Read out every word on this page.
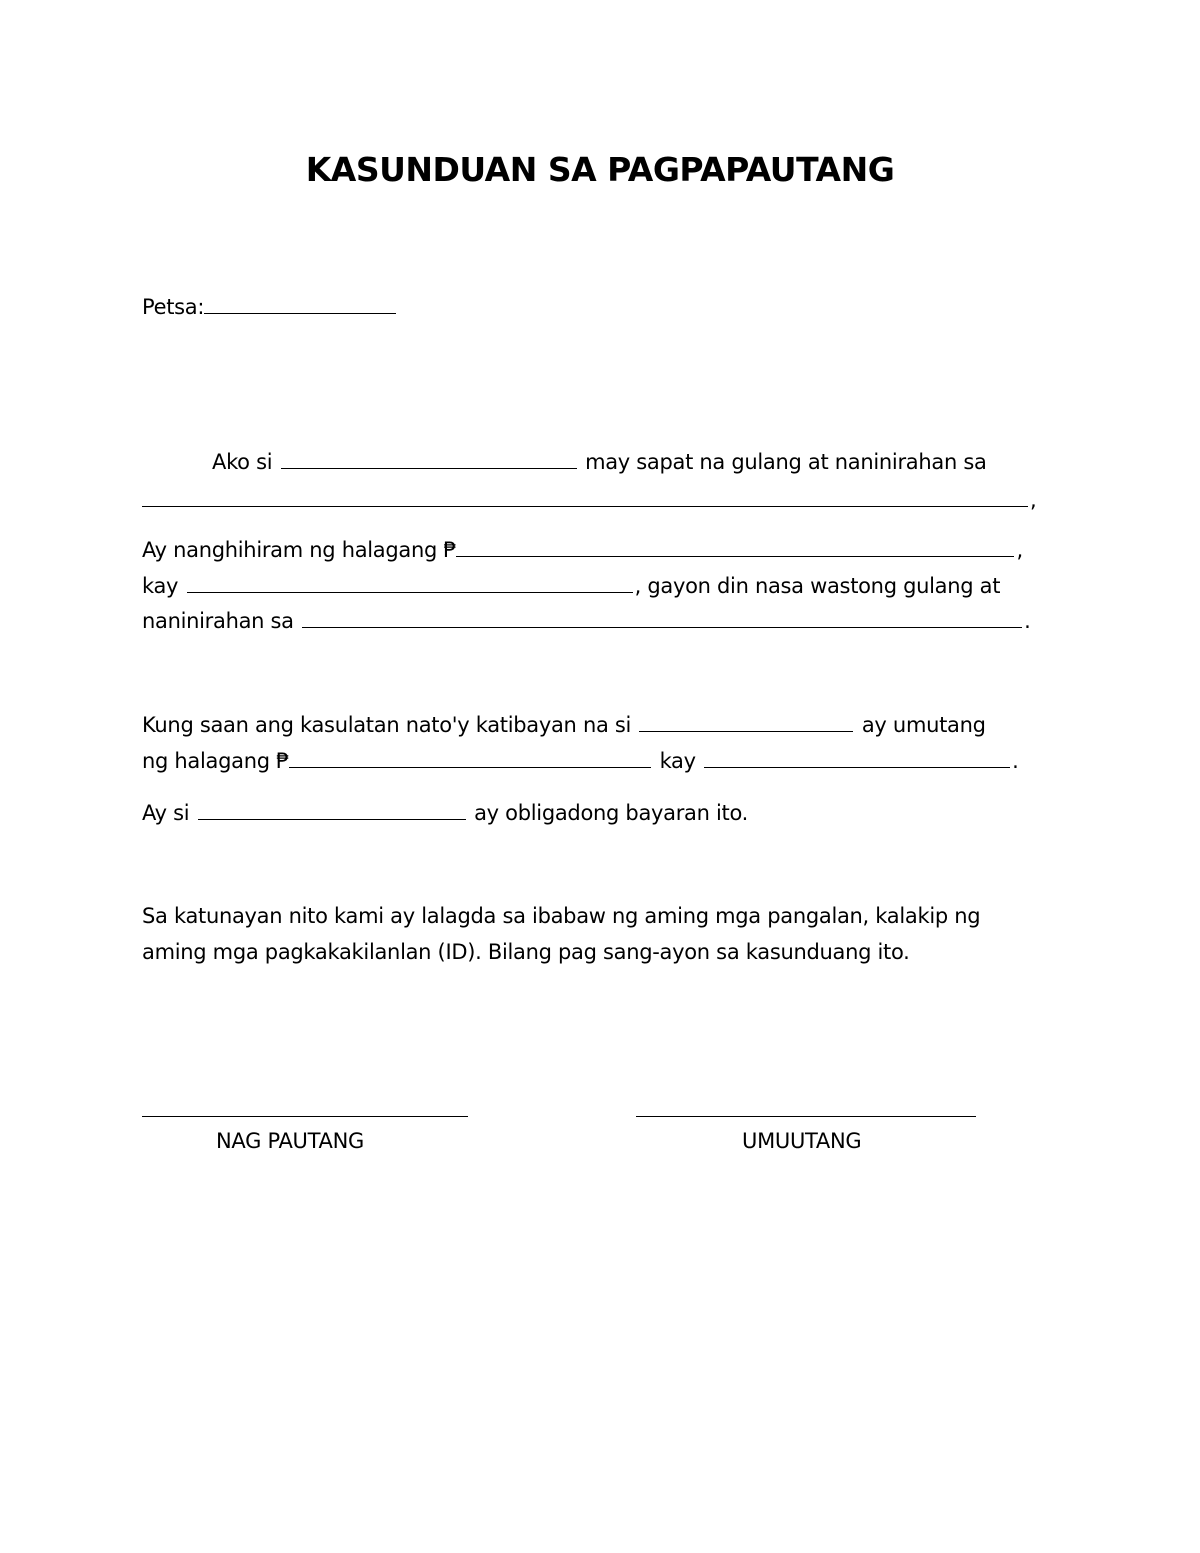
KASUNDUAN SA PAGPAPAUTANG
Petsa:
Ako si	may sapat na gulang at naninirahan sa
,
Ay nanghihiram ng halagang ₱	,
kay	, gayon din nasa wastong gulang at
naninirahan sa	.
Kung saan ang kasulatan nato'y katibayan na si	ay umutang
ng halagang ₱	kay	.
Ay si	ay obligadong bayaran ito.
Sa katunayan nito kami ay lalagda sa ibabaw ng aming mga pangalan, kalakip ng
aming mga pagkakakilanlan (ID). Bilang pag sang-ayon sa kasunduang ito.
NAG PAUTANG	UMUUTANG
